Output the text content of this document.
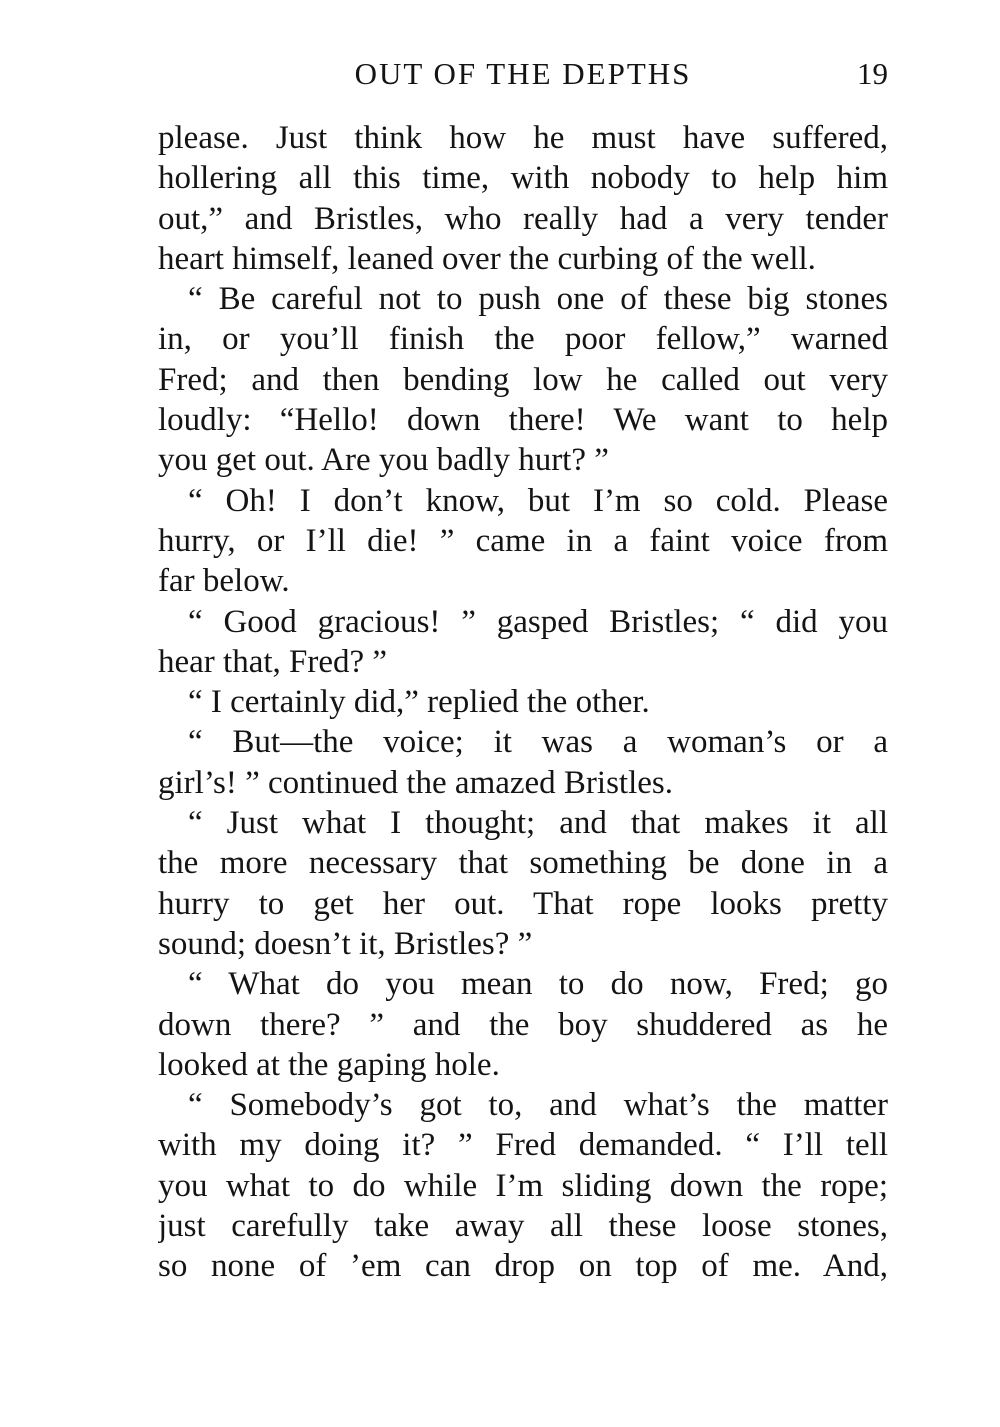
OUT OF THE DEPTHS	19
please. Just think how he must have suffered,
hollering all this time, with nobody to help him
out,” and Bristles, who really had a very tender
heart himself, leaned over the curbing of the well.
“ Be careful not to push one of these big stones
in, or you’ll finish the poor fellow,” warned
Fred; and then bending low he called out very
loudly: “Hello! down there! We want to help
you get out. Are you badly hurt? ”
“ Oh! I don’t know, but I’m so cold. Please
hurry, or I’ll die! ” came in a faint voice from
far below.
“ Good gracious! ” gasped Bristles; “ did you
hear that, Fred? ”
“ I certainly did,” replied the other.
“ But—the voice; it was a woman’s or a
girl’s! ” continued the amazed Bristles.
“ Just what I thought; and that makes it all
the more necessary that something be done in a
hurry to get her out. That rope looks pretty
sound; doesn’t it, Bristles? ”
“ What do you mean to do now, Fred; go
down there? ” and the boy shuddered as he
looked at the gaping hole.
“ Somebody’s got to, and what’s the matter
with my doing it? ” Fred demanded. “ I’ll tell
you what to do while I’m sliding down the rope;
just carefully take away all these loose stones,
so none of ’em can drop on top of me. And,
